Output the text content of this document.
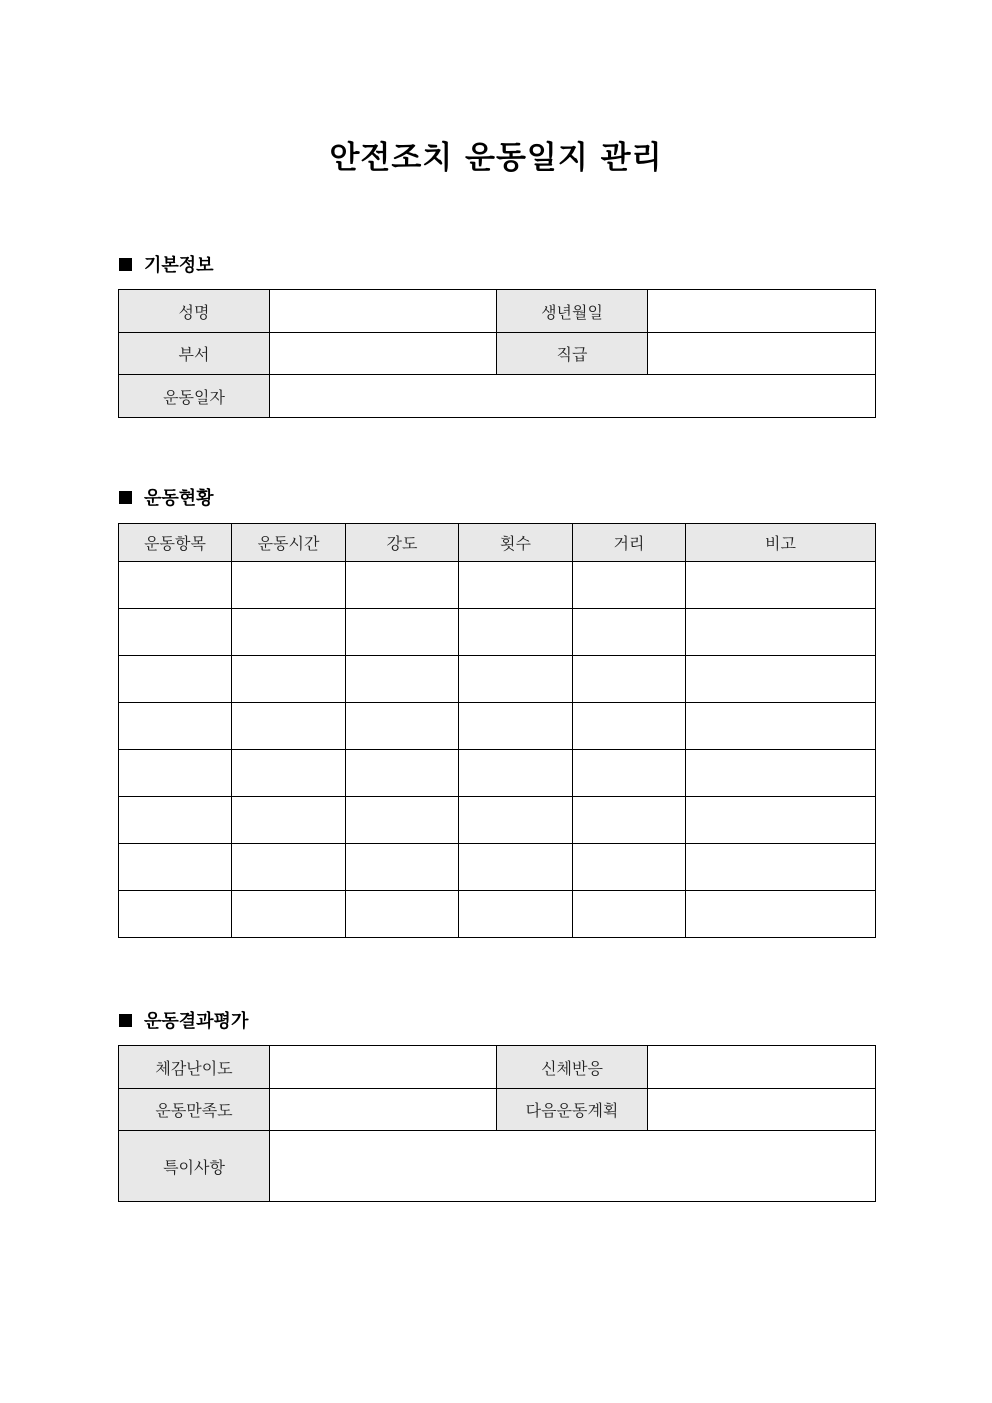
안전조치 운동일지 관리
기본정보
성명		생년월일	
부서		직급	
운동일자			
운동현황
운동항목	운동시간	강도	횟수	거리	비고

운동결과평가
체감난이도		신체반응	
운동만족도		다음운동계획	
특이사항			
